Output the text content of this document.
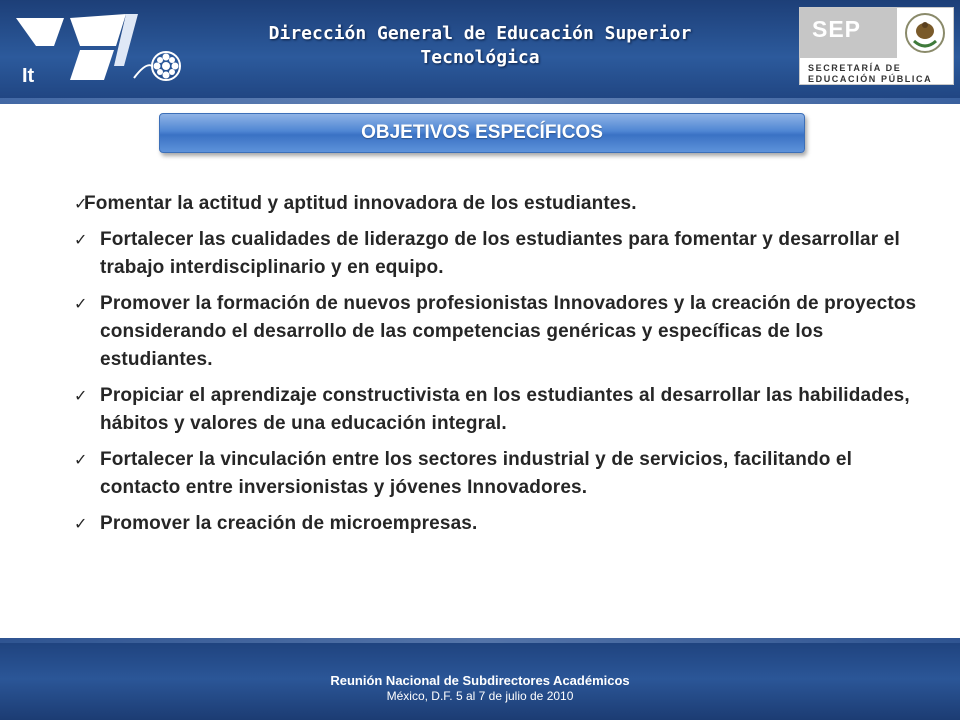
It
Dirección General de Educación Superior
Tecnológica
SEP
SECRETARÍA DE
EDUCACIÓN PÚBLICA
OBJETIVOS ESPECÍFICOS
✓
Fomentar la actitud y aptitud innovadora de los estudiantes.
✓ Fortalecer las cualidades de liderazgo de los estudiantes para fomentar y desarrollar el trabajo interdisciplinario y en equipo.
✓ Promover la formación de nuevos profesionistas Innovadores y la creación de proyectos considerando el desarrollo de las competencias genéricas y específicas de los estudiantes.
✓ Propiciar el aprendizaje constructivista en los estudiantes al desarrollar las habilidades, hábitos y valores de una educación integral.
✓ Fortalecer la vinculación entre los sectores industrial y de servicios, facilitando el contacto entre inversionistas y jóvenes Innovadores.
✓ Promover la creación de microempresas.
Reunión Nacional de Subdirectores Académicos
México, D.F. 5 al 7 de julio de 2010
